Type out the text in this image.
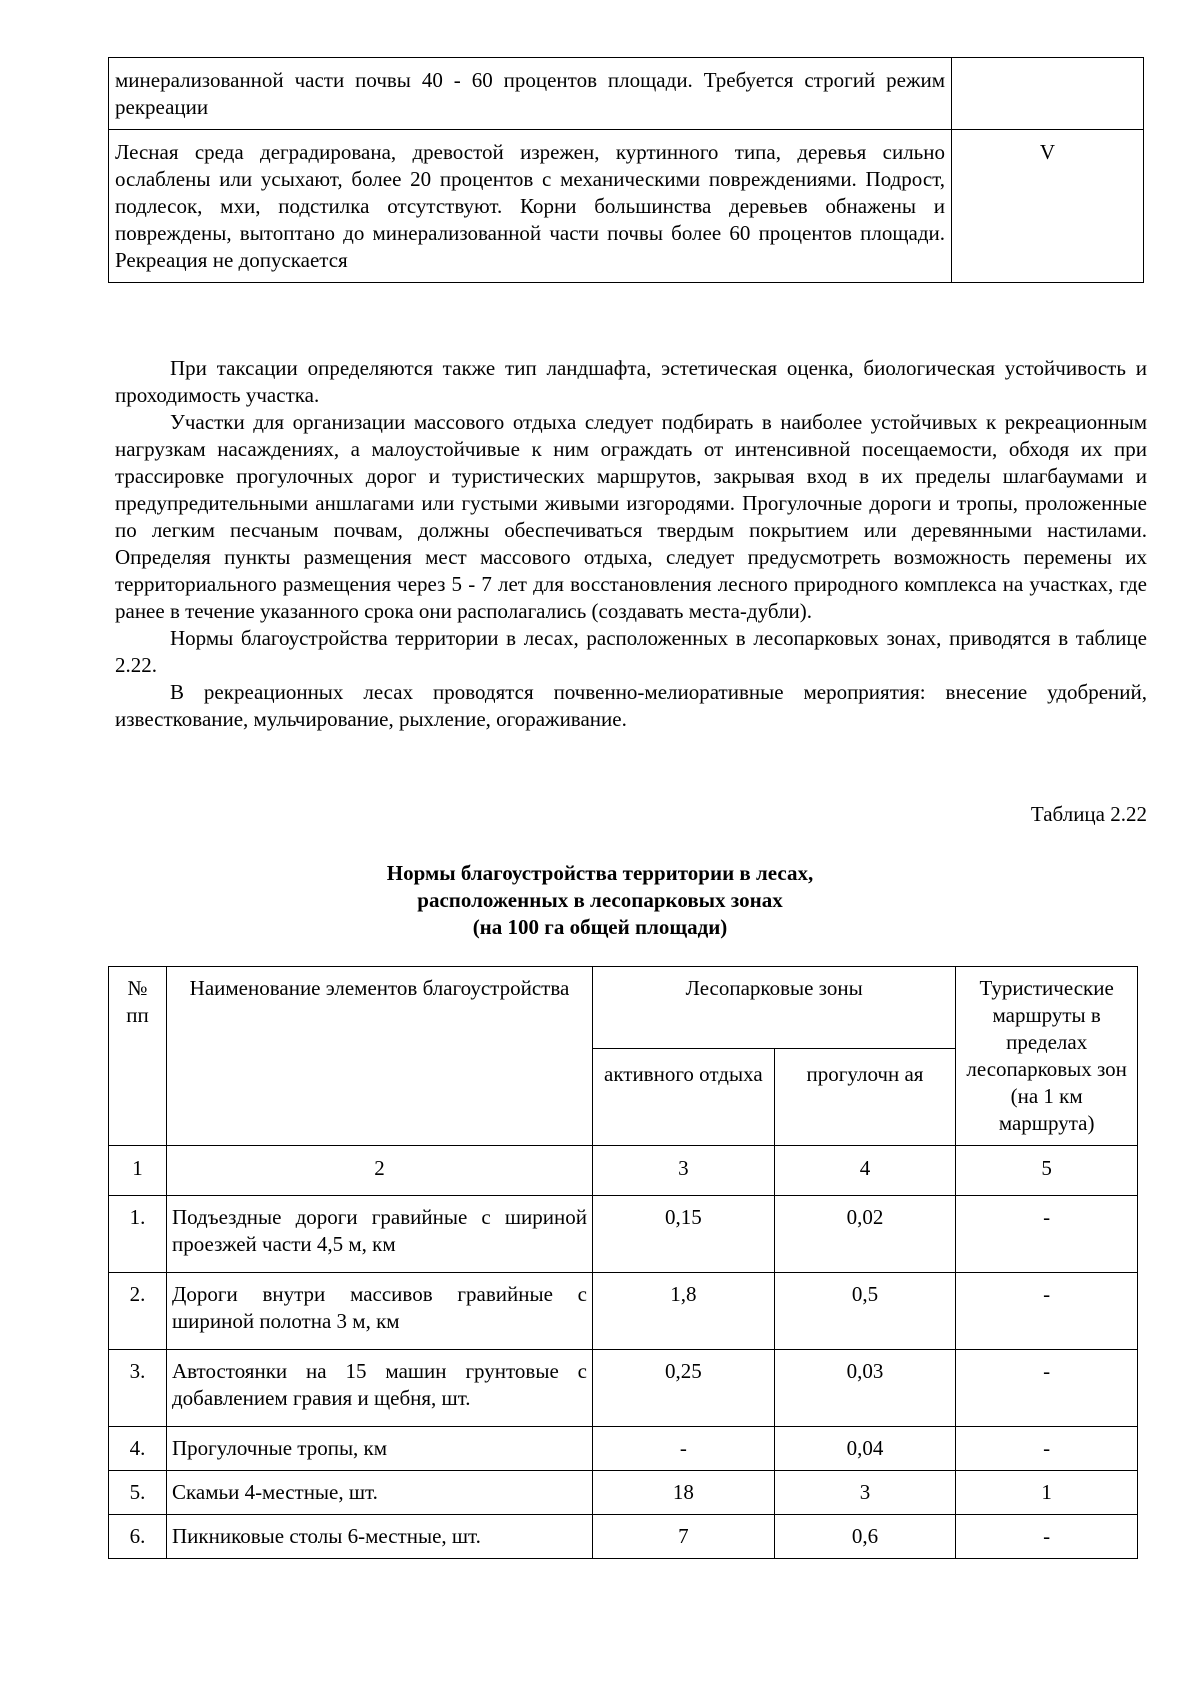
минерализованной части почвы 40 - 60 процентов площади. Требуется строгий режим рекреации	
Лесная среда деградирована, древостой изрежен, куртинного типа, деревья сильно ослаблены или усыхают, более 20 процентов с механическими повреждениями. Подрост, подлесок, мхи, подстилка отсутствуют. Корни большинства деревьев обнажены и повреждены, вытоптано до минерализованной части почвы более 60 процентов площади. Рекреация не допускается	V

При таксации определяются также тип ландшафта, эстетическая оценка, биологическая устойчивость и проходимость участка.

Участки для организации массового отдыха следует подбирать в наиболее устойчивых к рекреационным нагрузкам насаждениях, а малоустойчивые к ним ограждать от интенсивной посещаемости, обходя их при трассировке прогулочных дорог и туристических маршрутов, закрывая вход в их пределы шлагбаумами и предупредительными аншлагами или густыми живыми изгородями. Прогулочные дороги и тропы, проложенные по легким песчаным почвам, должны обеспечиваться твердым покрытием или деревянными настилами. Определяя пункты размещения мест массового отдыха, следует предусмотреть возможность перемены их территориального размещения через 5 - 7 лет для восстановления лесного природного комплекса на участках, где ранее в течение указанного срока они располагались (создавать места-дубли).

Нормы благоустройства территории в лесах, расположенных в лесопарковых зонах, приводятся в таблице 2.22.

В рекреационных лесах проводятся почвенно-мелиоративные мероприятия: внесение удобрений, известкование, мульчирование, рыхление, огораживание.

Таблица 2.22
Нормы благоустройства территории в лесах,
расположенных в лесопарковых зонах
(на 100 га общей площади)
№ пп	Наименование элементов благоустройства	Лесопарковые зоны		Туристические маршруты в пределах лесопарковых зон (на 1 км маршрута)
		активного отдыха	прогулочн ая	
1	2	3	4	5
1.	Подъездные дороги гравийные с шириной проезжей части 4,5 м, км	0,15	0,02	-
2.	Дороги внутри массивов гравийные с шириной полотна 3 м, км	1,8	0,5	-
3.	Автостоянки на 15 машин грунтовые с добавлением гравия и щебня, шт.	0,25	0,03	-
4.	Прогулочные тропы, км	-	0,04	-
5.	Скамьи 4-местные, шт.	18	3	1
6.	Пикниковые столы 6-местные, шт.	7	0,6	-
